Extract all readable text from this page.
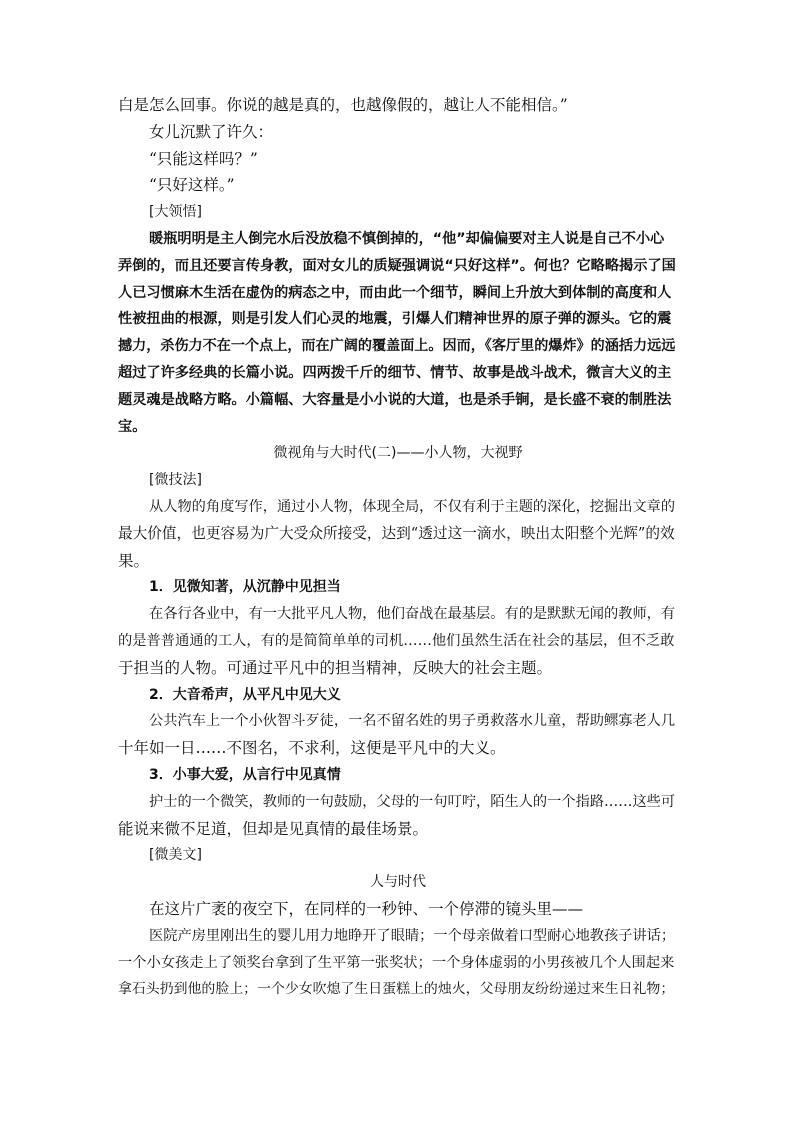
白是怎么回事。你说的越是真的，也越像假的，越让人不能相信。”
女儿沉默了许久：
“只能这样吗？”
“只好这样。”
[大领悟]
暖瓶明明是主人倒完水后没放稳不慎倒掉的，“他”却偏偏要对主人说是自己不小心
弄倒的，而且还要言传身教，面对女儿的质疑强调说“只好这样”。何也？它略略揭示了国
人已习惯麻木生活在虚伪的病态之中，而由此一个细节，瞬间上升放大到体制的高度和人
性被扭曲的根源，则是引发人们心灵的地震，引爆人们精神世界的原子弹的源头。它的震
撼力，杀伤力不在一个点上，而在广阔的覆盖面上。因而，《客厅里的爆炸》的涵括力远远
超过了许多经典的长篇小说。四两拨千斤的细节、情节、故事是战斗战术，微言大义的主
题灵魂是战略方略。小篇幅、大容量是小小说的大道，也是杀手锏，是长盛不衰的制胜法
宝。
微视角与大时代(二)——小人物，大视野
[微技法]
从人物的角度写作，通过小人物，体现全局，不仅有利于主题的深化，挖掘出文章的
最大价值，也更容易为广大受众所接受，达到“透过这一滴水，映出太阳整个光辉”的效
果。
1．见微知著，从沉静中见担当
在各行各业中，有一大批平凡人物，他们奋战在最基层。有的是默默无闻的教师，有
的是普普通通的工人，有的是简简单单的司机……他们虽然生活在社会的基层，但不乏敢
于担当的人物。可通过平凡中的担当精神，反映大的社会主题。
2．大音希声，从平凡中见大义
公共汽车上一个小伙智斗歹徒，一名不留名姓的男子勇救落水儿童，帮助鳏寡老人几
十年如一日……不图名，不求利，这便是平凡中的大义。
3．小事大爱，从言行中见真情
护士的一个微笑，教师的一句鼓励，父母的一句叮咛，陌生人的一个指路……这些可
能说来微不足道，但却是见真情的最佳场景。
[微美文]
人与时代
在这片广袤的夜空下，在同样的一秒钟、一个停滞的镜头里——
医院产房里刚出生的婴儿用力地睁开了眼睛；一个母亲做着口型耐心地教孩子讲话；
一个小女孩走上了领奖台拿到了生平第一张奖状；一个身体虚弱的小男孩被几个人围起来
拿石头扔到他的脸上；一个少女吹熄了生日蛋糕上的烛火，父母朋友纷纷递过来生日礼物；
